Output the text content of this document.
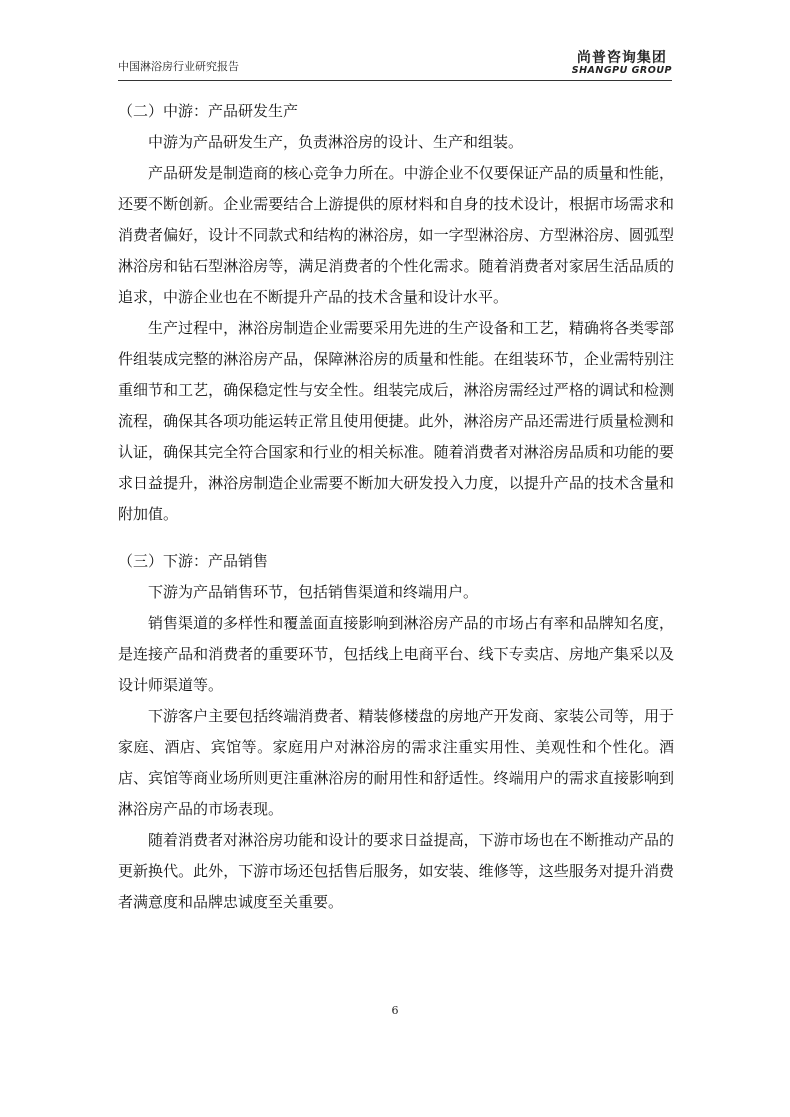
中国淋浴房行业研究报告
尚普咨询集团
SHANGPU GROUP

（二）中游：产品研发生产

中游为产品研发生产，负责淋浴房的设计、生产和组装。

产品研发是制造商的核心竞争力所在。中游企业不仅要保证产品的质量和性能，还要不断创新。企业需要结合上游提供的原材料和自身的技术设计，根据市场需求和消费者偏好，设计不同款式和结构的淋浴房，如一字型淋浴房、方型淋浴房、圆弧型淋浴房和钻石型淋浴房等，满足消费者的个性化需求。随着消费者对家居生活品质的追求，中游企业也在不断提升产品的技术含量和设计水平。

生产过程中，淋浴房制造企业需要采用先进的生产设备和工艺，精确将各类零部件组装成完整的淋浴房产品，保障淋浴房的质量和性能。在组装环节，企业需特别注重细节和工艺，确保稳定性与安全性。组装完成后，淋浴房需经过严格的调试和检测流程，确保其各项功能运转正常且使用便捷。此外，淋浴房产品还需进行质量检测和认证，确保其完全符合国家和行业的相关标准。随着消费者对淋浴房品质和功能的要求日益提升，淋浴房制造企业需要不断加大研发投入力度，以提升产品的技术含量和附加值。

（三）下游：产品销售

下游为产品销售环节，包括销售渠道和终端用户。

销售渠道的多样性和覆盖面直接影响到淋浴房产品的市场占有率和品牌知名度，是连接产品和消费者的重要环节，包括线上电商平台、线下专卖店、房地产集采以及设计师渠道等。

下游客户主要包括终端消费者、精装修楼盘的房地产开发商、家装公司等，用于家庭、酒店、宾馆等。家庭用户对淋浴房的需求注重实用性、美观性和个性化。酒店、宾馆等商业场所则更注重淋浴房的耐用性和舒适性。终端用户的需求直接影响到淋浴房产品的市场表现。

随着消费者对淋浴房功能和设计的要求日益提高，下游市场也在不断推动产品的更新换代。此外，下游市场还包括售后服务，如安装、维修等，这些服务对提升消费者满意度和品牌忠诚度至关重要。

6
